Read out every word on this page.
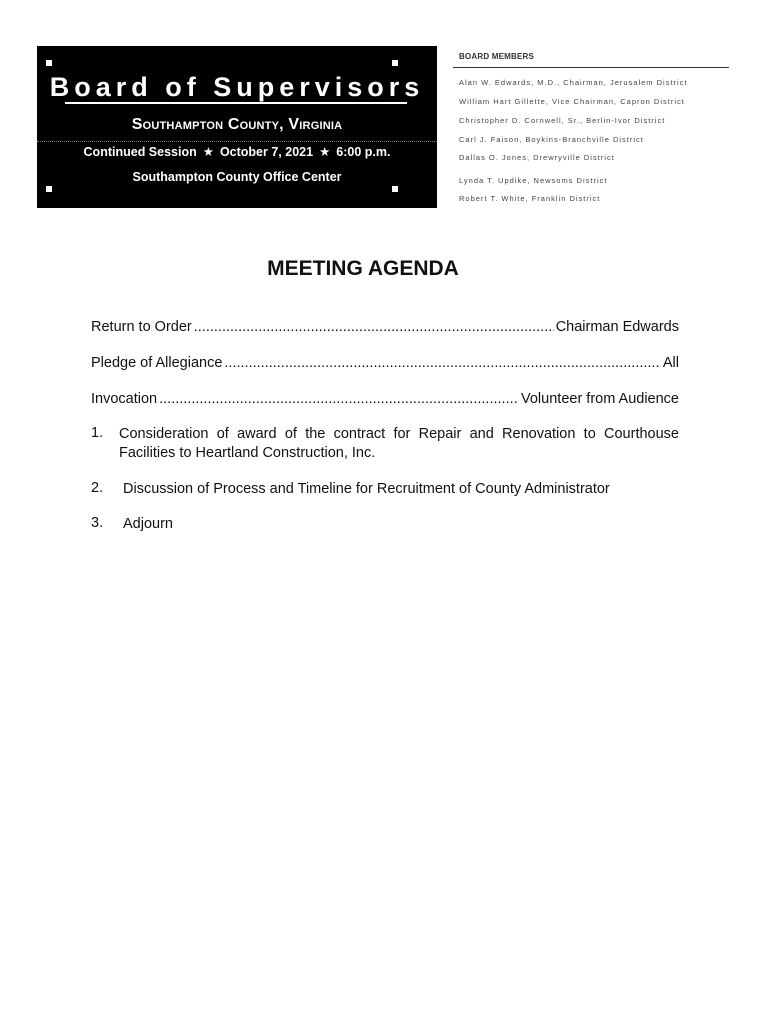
Board of Supervisors
Southampton County, Virginia
Continued Session ★ October 7, 2021 ★ 6:00 p.m.
Southampton County Office Center
BOARD MEMBERS
Alan W. Edwards, M.D., Chairman, Jerusalem District
William Hart Gillette, Vice Chairman, Capron District
Christopher D. Cornwell, Sr., Berlin-Ivor District
Carl J. Faison, Boykins-Branchville District
Dallas O. Jones, Drewryville District
Lynda T. Updike, Newsoms District
Robert T. White, Franklin District
MEETING AGENDA
Return to Order .....	Chairman Edwards
Pledge of Allegiance .....	All
Invocation .....	Volunteer from Audience
1.	Consideration of award of the contract for Repair and Renovation to Courthouse Facilities to Heartland Construction, Inc.
2.	Discussion of Process and Timeline for Recruitment of County Administrator
3.	Adjourn
